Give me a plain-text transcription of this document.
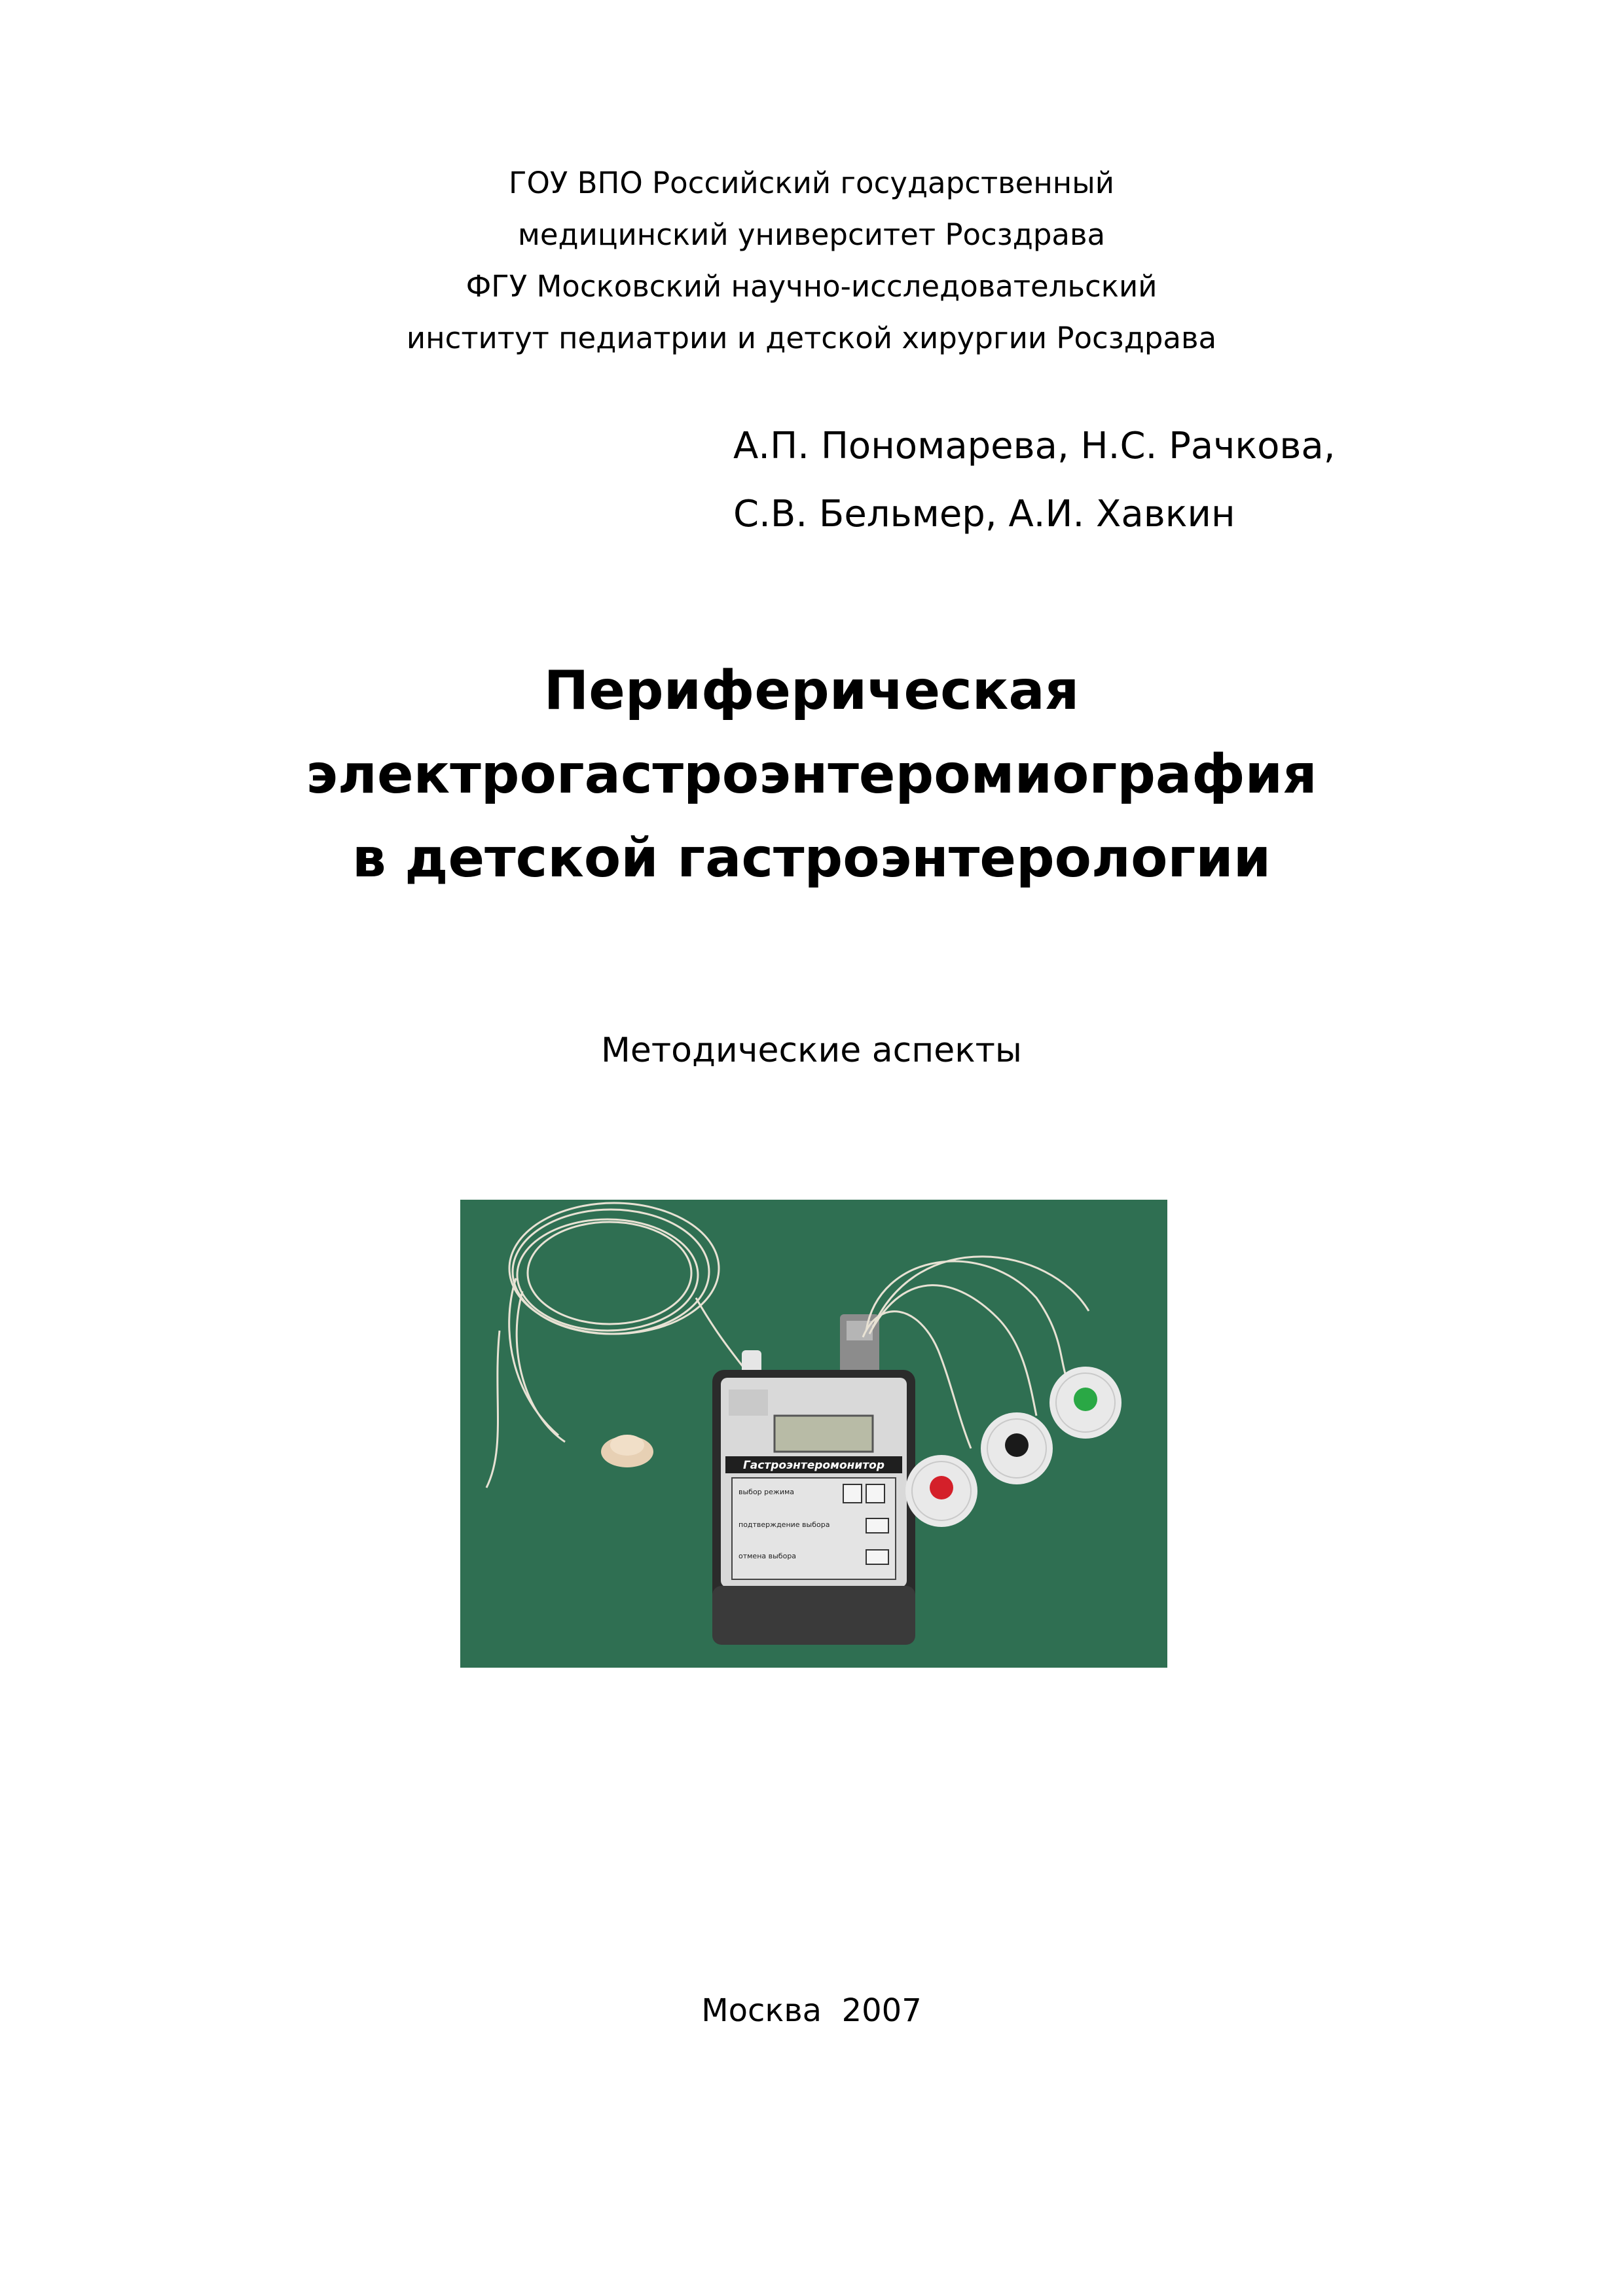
ГОУ ВПО Российский государственный
медицинский университет Росздрава
ФГУ Московский научно-исследовательский
институт педиатрии и детской хирургии Росздрава
А.П. Пономарева, Н.С. Рачкова,
С.В. Бельмер, А.И. Хавкин
Периферическая
электрогастроэнтеромиография
в детской гастроэнтерологии
Методические аспекты
Гастроэнтеромонитор
выбор режима
подтверждение выбора
отмена выбора
Москва  2007
